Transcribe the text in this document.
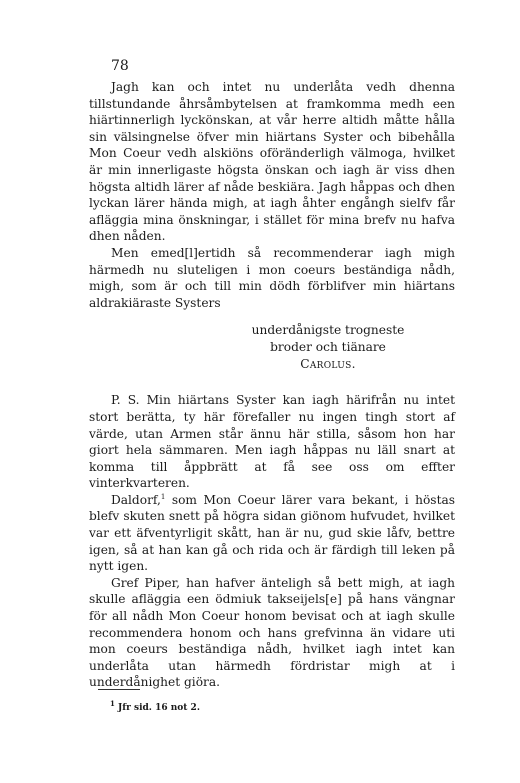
78

Jagh kan och intet nu underlåta vedh dhenna tillstundande åhrsåmbytelsen at framkomma medh een hiärtinnerligh lyckönskan, at vår herre altidh måtte hålla sin välsingnelse öfver min hiärtans Syster och bibehålla Mon Coeur vedh alskiöns oföränderligh välmoga, hvilket är min innerligaste högsta önskan och iagh är viss dhen högsta altidh lärer af nåde beskiära. Jagh håppas och dhen lyckan lärer hända migh, at iagh åhter engångh sielfv får afläggia mina önskningar, i stället för mina brefv nu hafva dhen nåden.

Men emed[l]ertidh så recommenderar iagh migh härmedh nu sluteligen i mon coeurs beständiga nådh, migh, som är och till min dödh förblifver min hiärtans aldrakiäraste Systers

underdånigste trogneste
broder och tiänare
Carolus.

P. S. Min hiärtans Syster kan iagh härifrån nu intet stort berätta, ty här förefaller nu ingen tingh stort af värde, utan Armen står ännu här stilla, såsom hon har giort hela sämmaren. Men iagh håppas nu läll snart at komma till åppbrätt at få see oss om effter vinterkvarteren.

Daldorf,$^1$ som Mon Coeur lärer vara bekant, i höstas blefv skuten snett på högra sidan giönom hufvudet, hvilket var ett äfventyrligit skått, han är nu, gud skie låfv, bettre igen, så at han kan gå och rida och är färdigh till leken på nytt igen.

Gref Piper, han hafver änteligh så bett migh, at iagh skulle afläggia een ödmiuk takseijels[e] på hans vängnar för all nådh Mon Coeur honom bevisat och at iagh skulle recommendera honom och hans grefvinna än vidare uti mon coeurs beständiga nådh, hvilket iagh intet kan underlåta utan härmedh fördristar migh at i underdånighet giöra.

$^1$ Jfr sid. 16 not 2.
